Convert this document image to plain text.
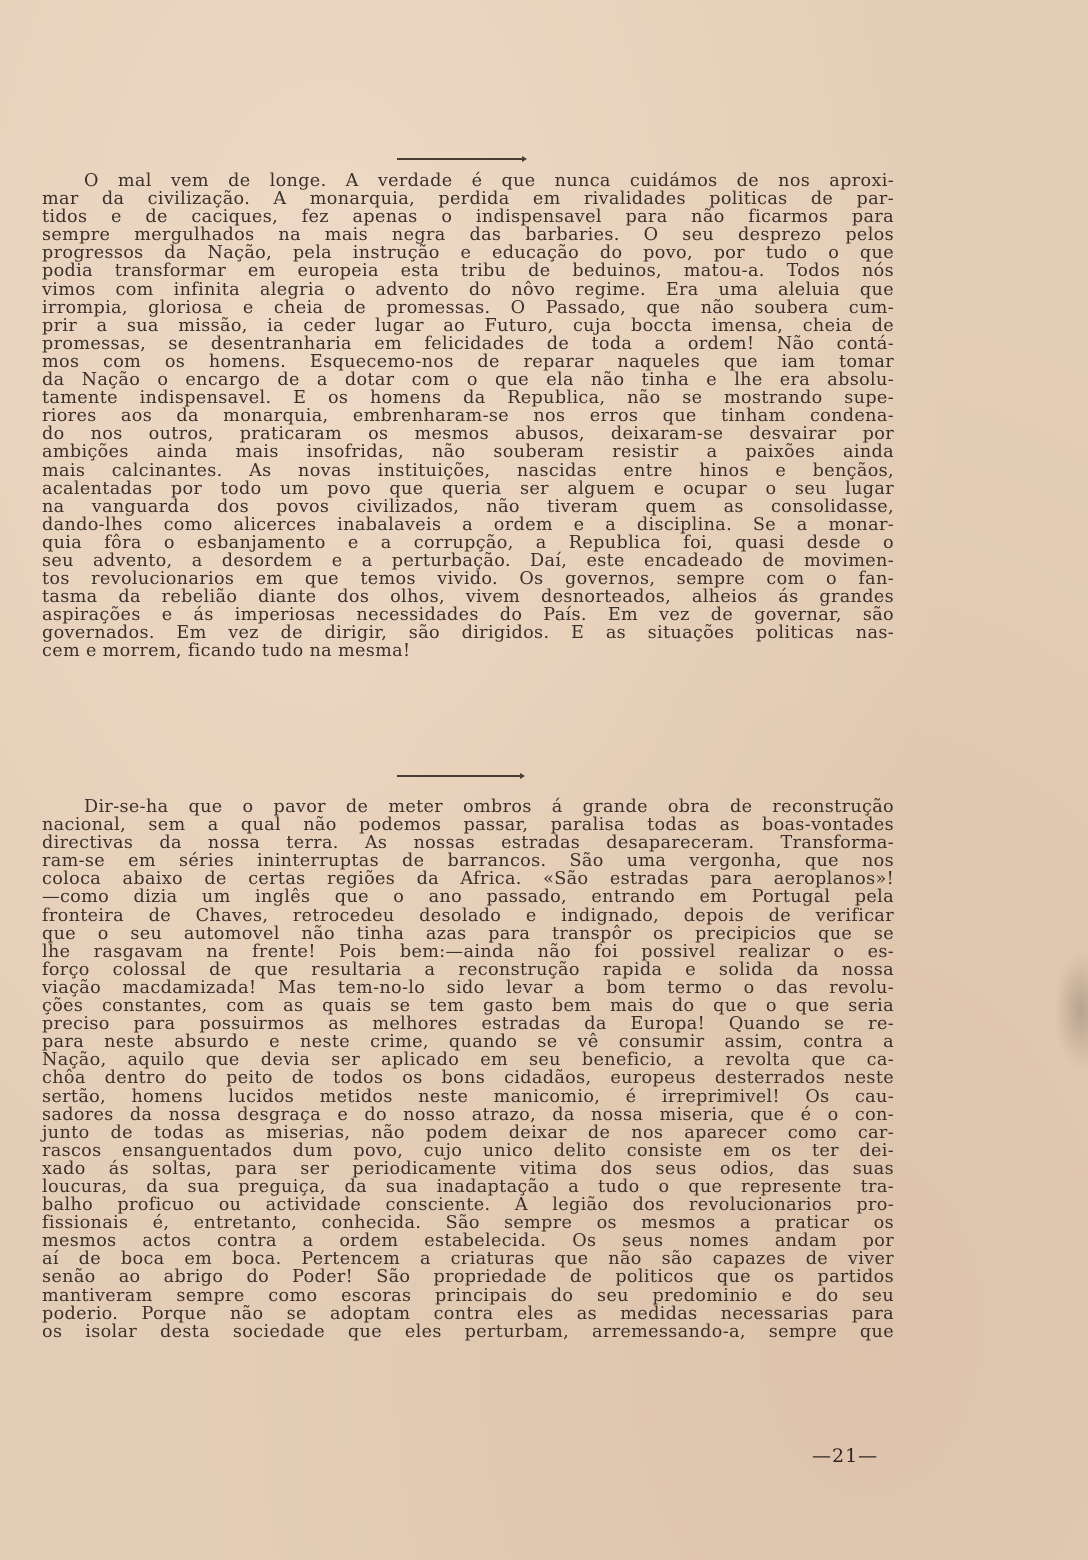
O mal vem de longe. A verdade é que nunca cuidámos de nos aproxi-
mar da civilização. A monarquia, perdida em rivalidades politicas de par-
tidos e de caciques, fez apenas o indispensavel para não ficarmos para
sempre mergulhados na mais negra das barbaries. O seu desprezo pelos
progressos da Nação, pela instrução e educação do povo, por tudo o que
podia transformar em europeia esta tribu de beduinos, matou-a. Todos nós
vimos com infinita alegria o advento do nôvo regime. Era uma aleluia que
irrompia, gloriosa e cheia de promessas. O Passado, que não soubera cum-
prir a sua missão, ia ceder lugar ao Futuro, cuja boccta imensa, cheia de
promessas, se desentranharia em felicidades de toda a ordem! Não contá-
mos com os homens. Esquecemo-nos de reparar naqueles que iam tomar
da Nação o encargo de a dotar com o que ela não tinha e lhe era absolu-
tamente indispensavel. E os homens da Republica, não se mostrando supe-
riores aos da monarquia, embrenharam-se nos erros que tinham condena-
do nos outros, praticaram os mesmos abusos, deixaram-se desvairar por
ambições ainda mais insofridas, não souberam resistir a paixões ainda
mais calcinantes. As novas instituições, nascidas entre hinos e bençãos,
acalentadas por todo um povo que queria ser alguem e ocupar o seu lugar
na vanguarda dos povos civilizados, não tiveram quem as consolidasse,
dando-lhes como alicerces inabalaveis a ordem e a disciplina. Se a monar-
quia fôra o esbanjamento e a corrupção, a Republica foi, quasi desde o
seu advento, a desordem e a perturbação. Daí, este encadeado de movimen-
tos revolucionarios em que temos vivido. Os governos, sempre com o fan-
tasma da rebelião diante dos olhos, vivem desnorteados, alheios ás grandes
aspirações e ás imperiosas necessidades do País. Em vez de governar, são
governados. Em vez de dirigir, são dirigidos. E as situações politicas nas-
cem e morrem, ficando tudo na mesma!
Dir-se-ha que o pavor de meter ombros á grande obra de reconstrução
nacional, sem a qual não podemos passar, paralisa todas as boas-vontades
directivas da nossa terra. As nossas estradas desapareceram. Transforma-
ram-se em séries ininterruptas de barrancos. São uma vergonha, que nos
coloca abaixo de certas regiões da Africa. «São estradas para aeroplanos»!
—como dizia um inglês que o ano passado, entrando em Portugal pela
fronteira de Chaves, retrocedeu desolado e indignado, depois de verificar
que o seu automovel não tinha azas para transpôr os precipicios que se
lhe rasgavam na frente! Pois bem:—ainda não foi possivel realizar o es-
forço colossal de que resultaria a reconstrução rapida e solida da nossa
viação macdamizada! Mas tem-no-lo sido levar a bom termo o das revolu-
ções constantes, com as quais se tem gasto bem mais do que o que seria
preciso para possuirmos as melhores estradas da Europa! Quando se re-
para neste absurdo e neste crime, quando se vê consumir assim, contra a
Nação, aquilo que devia ser aplicado em seu beneficio, a revolta que ca-
chôa dentro do peito de todos os bons cidadãos, europeus desterrados neste
sertão, homens lucidos metidos neste manicomio, é irreprimivel! Os cau-
sadores da nossa desgraça e do nosso atrazo, da nossa miseria, que é o con-
junto de todas as miserias, não podem deixar de nos aparecer como car-
rascos ensanguentados dum povo, cujo unico delito consiste em os ter dei-
xado ás soltas, para ser periodicamente vitima dos seus odios, das suas
loucuras, da sua preguiça, da sua inadaptação a tudo o que represente tra-
balho proficuo ou actividade consciente. A legião dos revolucionarios pro-
fissionais é, entretanto, conhecida. São sempre os mesmos a praticar os
mesmos actos contra a ordem estabelecida. Os seus nomes andam por
aí de boca em boca. Pertencem a criaturas que não são capazes de viver
senão ao abrigo do Poder! São propriedade de politicos que os partidos
mantiveram sempre como escoras principais do seu predominio e do seu
poderio. Porque não se adoptam contra eles as medidas necessarias para
os isolar desta sociedade que eles perturbam, arremessando-a, sempre que
—21—
